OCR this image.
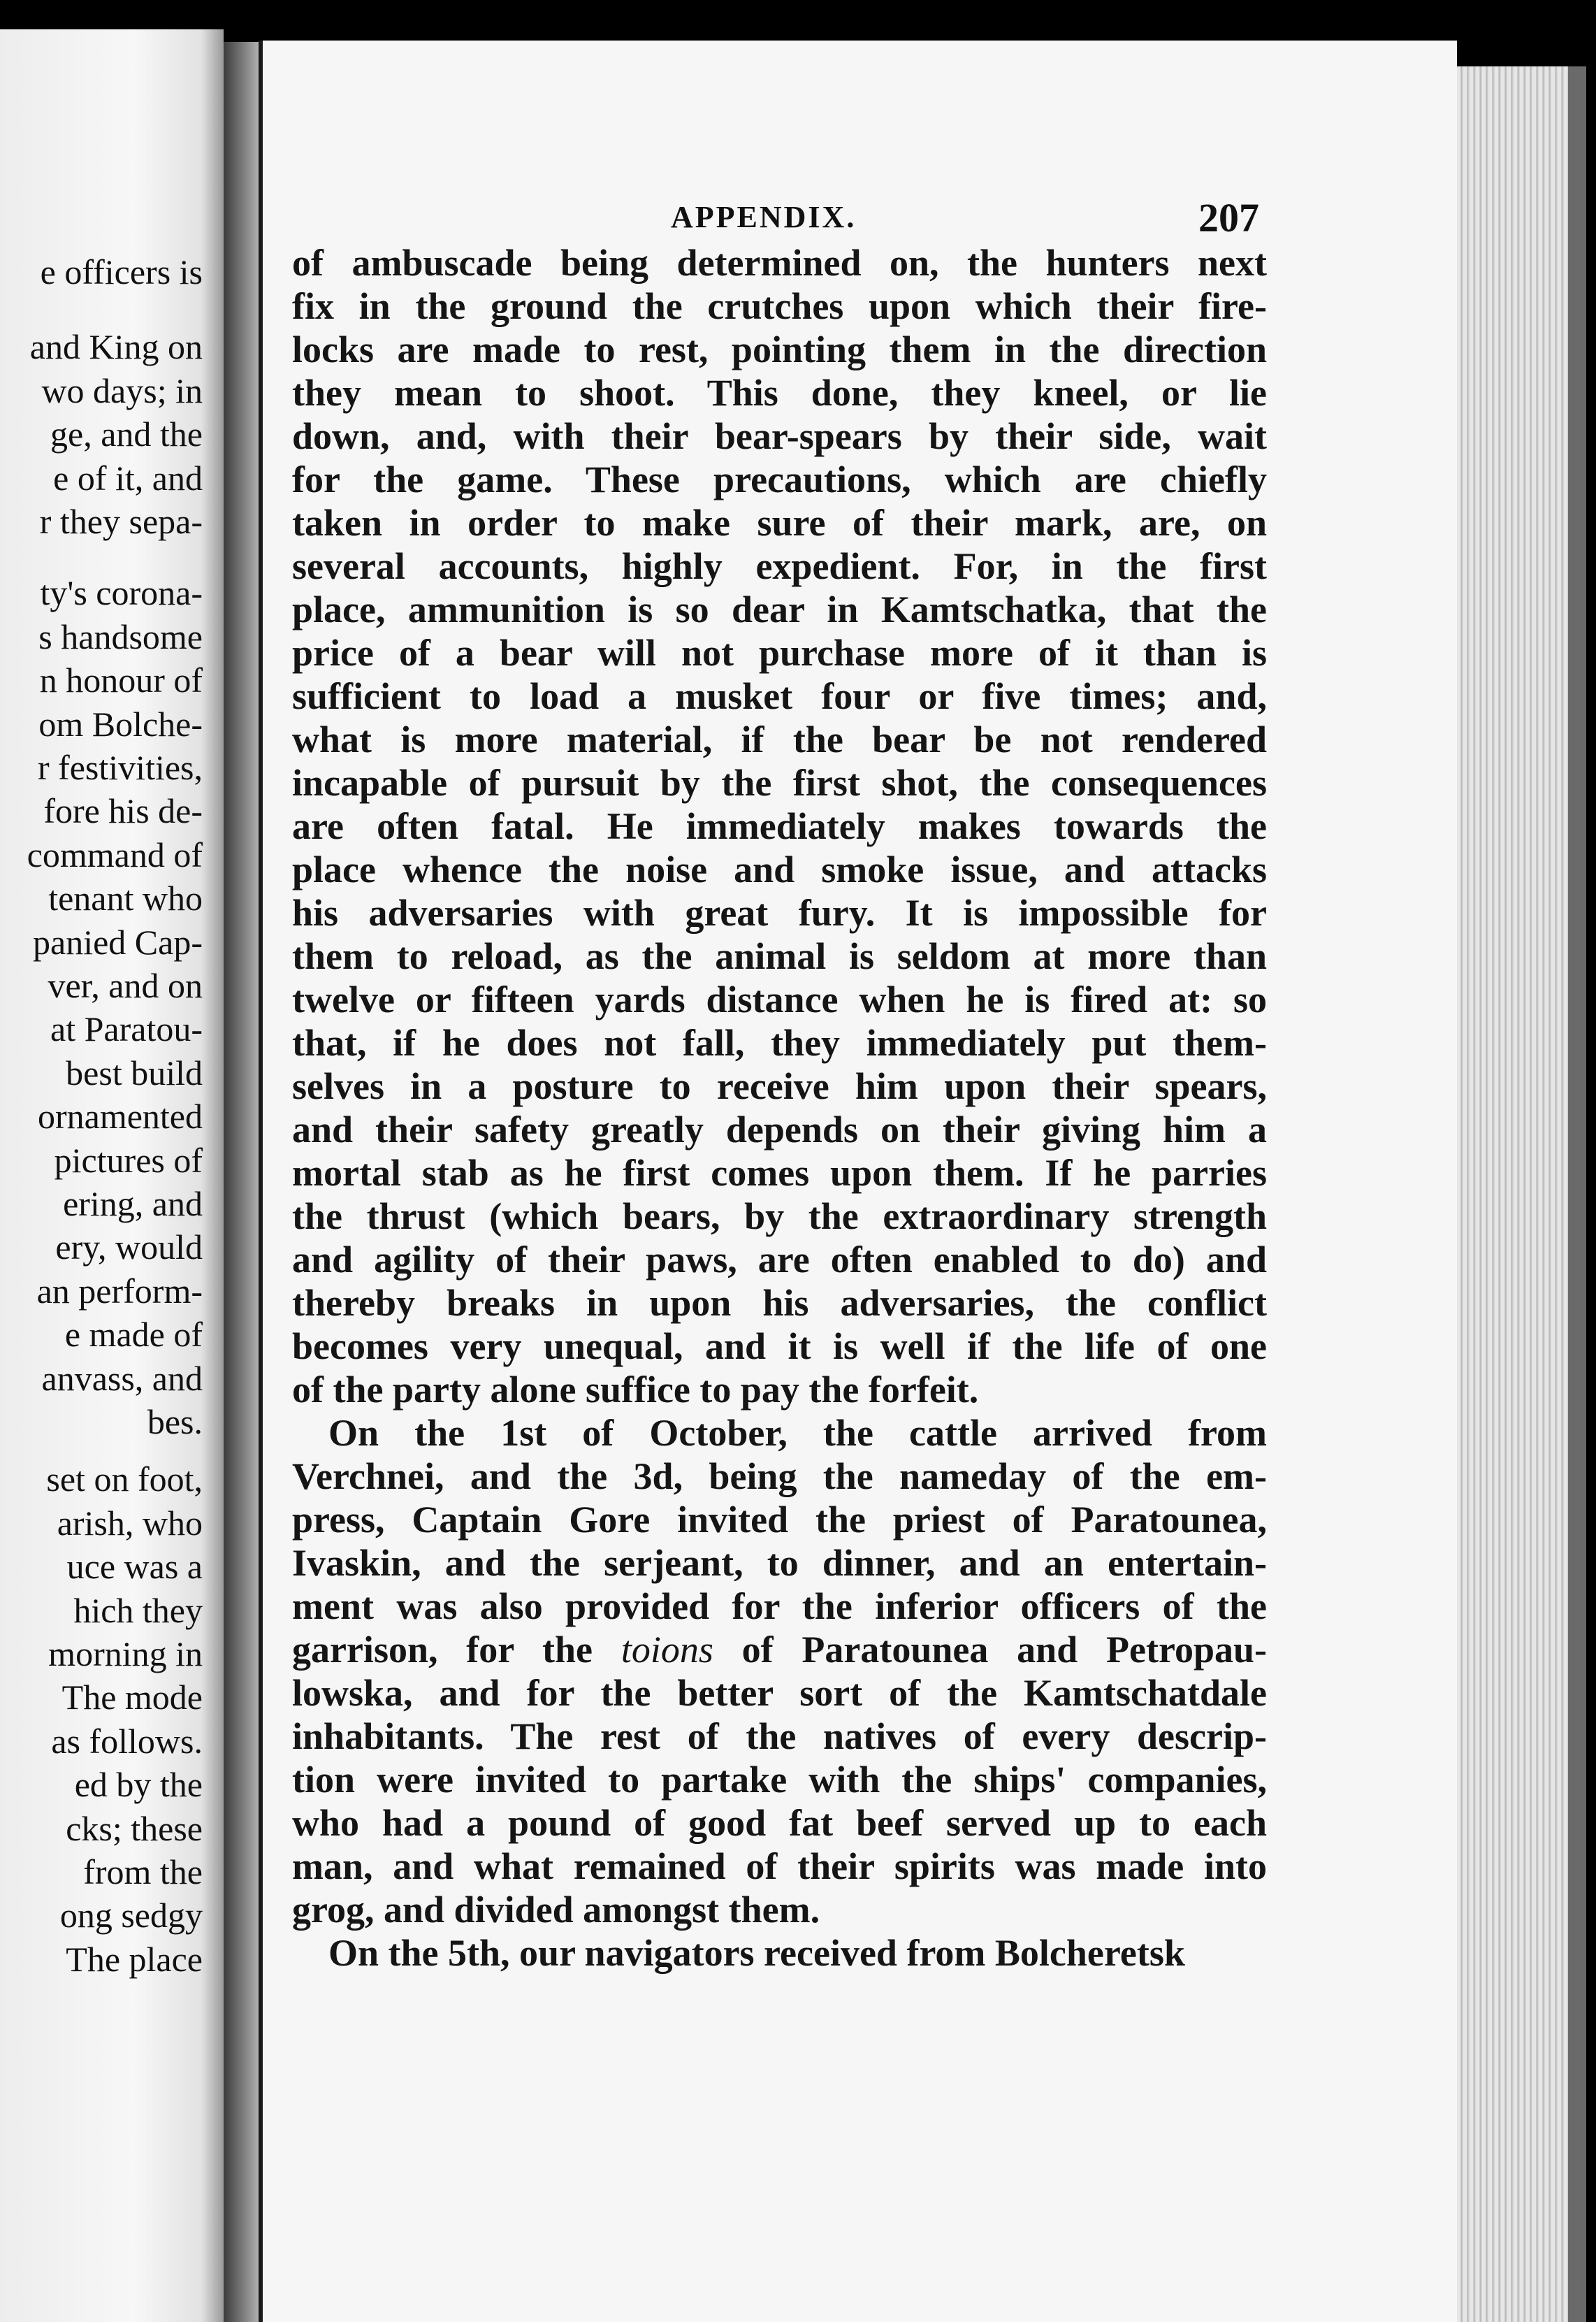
e officers is
and King on
wo days; in
ge, and the
e of it, and
r they sepa-
ty's corona-
s handsome
n honour of
om Bolche-
r festivities,
fore his de-
command of
tenant who
panied Cap-
ver, and on
at Paratou-
best build
ornamented
pictures of
ering, and
ery, would
an perform-
e made of
anvass, and
bes.
set on foot,
arish, who
uce was a
hich they
morning in
The mode
as follows.
ed by the
cks; these
from the
ong sedgy
The place
APPENDIX.	207
of ambuscade being determined on, the hunters next
fix in the ground the crutches upon which their fire-
locks are made to rest, pointing them in the direction
they mean to shoot. This done, they kneel, or lie
down, and, with their bear-spears by their side, wait
for the game. These precautions, which are chiefly
taken in order to make sure of their mark, are, on
several accounts, highly expedient. For, in the first
place, ammunition is so dear in Kamtschatka, that the
price of a bear will not purchase more of it than is
sufficient to load a musket four or five times; and,
what is more material, if the bear be not rendered
incapable of pursuit by the first shot, the consequences
are often fatal. He immediately makes towards the
place whence the noise and smoke issue, and attacks
his adversaries with great fury. It is impossible for
them to reload, as the animal is seldom at more than
twelve or fifteen yards distance when he is fired at: so
that, if he does not fall, they immediately put them-
selves in a posture to receive him upon their spears,
and their safety greatly depends on their giving him a
mortal stab as he first comes upon them. If he parries
the thrust (which bears, by the extraordinary strength
and agility of their paws, are often enabled to do) and
thereby breaks in upon his adversaries, the conflict
becomes very unequal, and it is well if the life of one
of the party alone suffice to pay the forfeit.
On the 1st of October, the cattle arrived from
Verchnei, and the 3d, being the nameday of the em-
press, Captain Gore invited the priest of Paratounea,
Ivaskin, and the serjeant, to dinner, and an entertain-
ment was also provided for the inferior officers of the
garrison, for the toions of Paratounea and Petropau-
lowska, and for the better sort of the Kamtschatdale
inhabitants. The rest of the natives of every descrip-
tion were invited to partake with the ships' companies,
who had a pound of good fat beef served up to each
man, and what remained of their spirits was made into
grog, and divided amongst them.
On the 5th, our navigators received from Bolcheretsk
